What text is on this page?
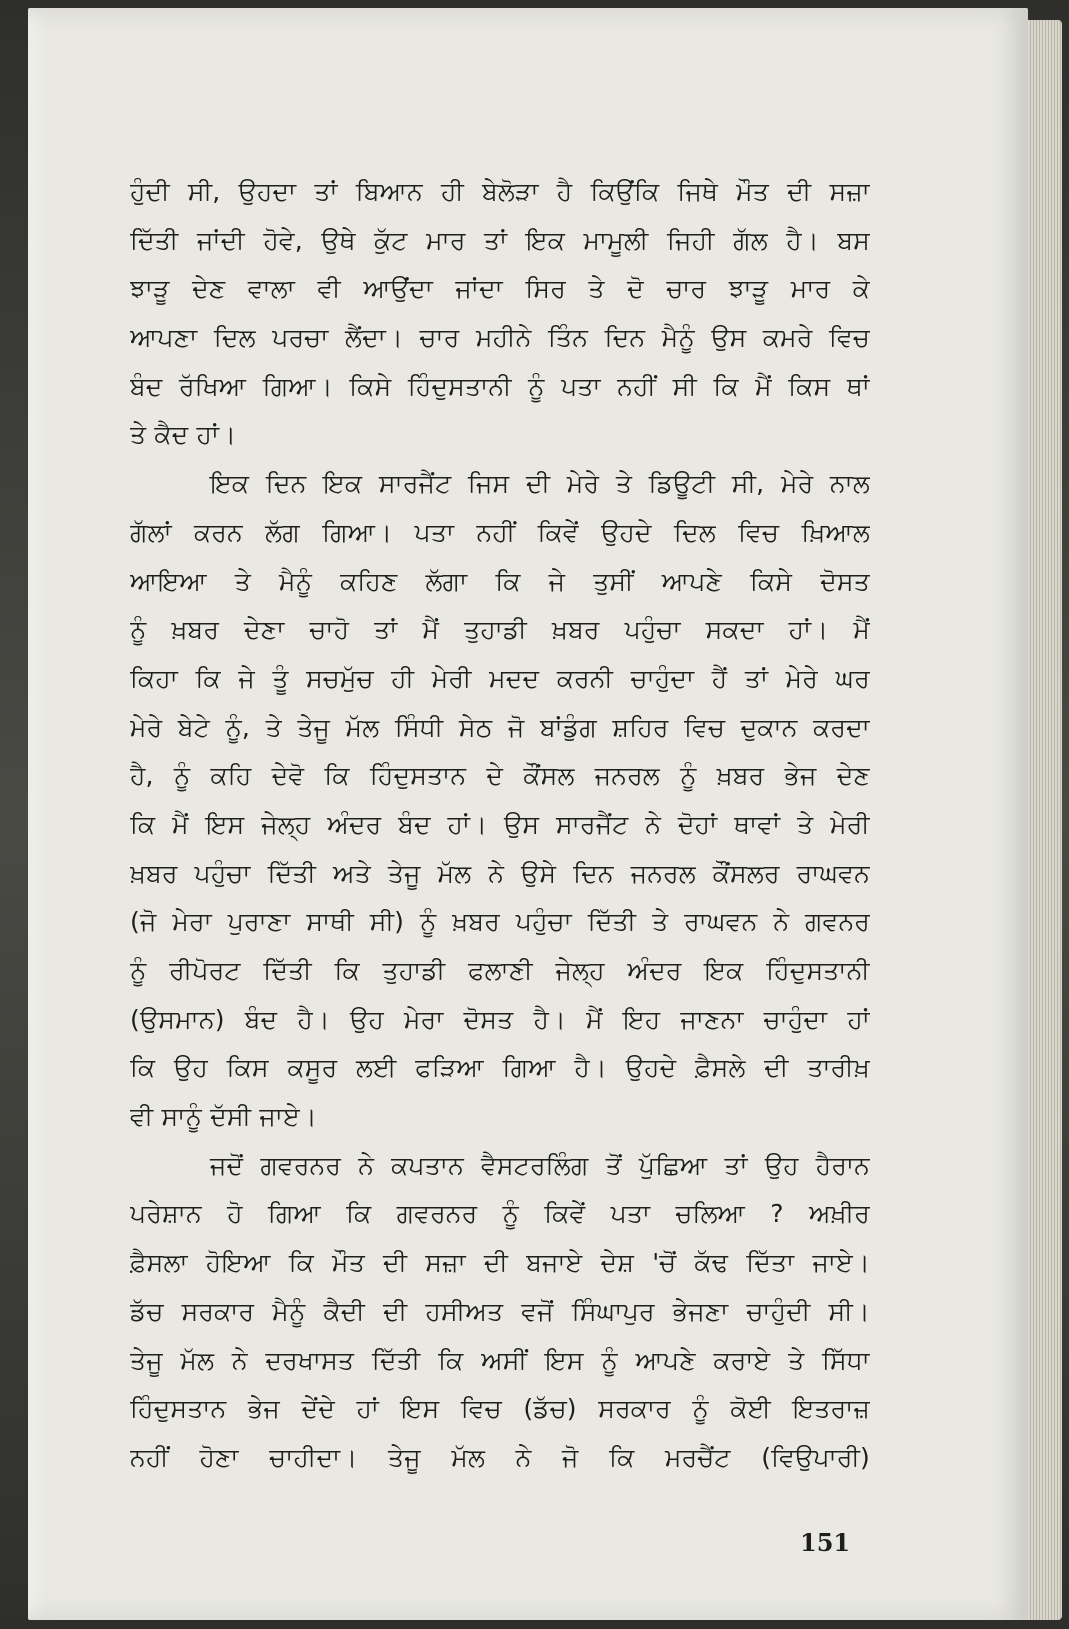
ਹੁੰਦੀ ਸੀ, ਉਹਦਾ ਤਾਂ ਬਿਆਨ ਹੀ ਬੇਲੋੜਾ ਹੈ ਕਿਉਂਕਿ ਜਿਥੇ ਮੌਤ ਦੀ ਸਜ਼ਾ
ਦਿੱਤੀ ਜਾਂਦੀ ਹੋਵੇ, ਉਥੇ ਕੁੱਟ ਮਾਰ ਤਾਂ ਇਕ ਮਾਮੂਲੀ ਜਿਹੀ ਗੱਲ ਹੈ। ਬਸ
ਝਾੜੂ ਦੇਣ ਵਾਲਾ ਵੀ ਆਉਂਦਾ ਜਾਂਦਾ ਸਿਰ ਤੇ ਦੋ ਚਾਰ ਝਾੜੂ ਮਾਰ ਕੇ
ਆਪਣਾ ਦਿਲ ਪਰਚਾ ਲੈਂਦਾ। ਚਾਰ ਮਹੀਨੇ ਤਿੰਨ ਦਿਨ ਮੈਨੂੰ ਉਸ ਕਮਰੇ ਵਿਚ
ਬੰਦ ਰੱਖਿਆ ਗਿਆ। ਕਿਸੇ ਹਿੰਦੁਸਤਾਨੀ ਨੂੰ ਪਤਾ ਨਹੀਂ ਸੀ ਕਿ ਮੈਂ ਕਿਸ ਥਾਂ
ਤੇ ਕੈਦ ਹਾਂ।
ਇਕ ਦਿਨ ਇਕ ਸਾਰਜੈਂਟ ਜਿਸ ਦੀ ਮੇਰੇ ਤੇ ਡਿਊਟੀ ਸੀ, ਮੇਰੇ ਨਾਲ
ਗੱਲਾਂ ਕਰਨ ਲੱਗ ਗਿਆ। ਪਤਾ ਨਹੀਂ ਕਿਵੇਂ ਉਹਦੇ ਦਿਲ ਵਿਚ ਖ਼ਿਆਲ
ਆਇਆ ਤੇ ਮੈਨੂੰ ਕਹਿਣ ਲੱਗਾ ਕਿ ਜੇ ਤੁਸੀਂ ਆਪਣੇ ਕਿਸੇ ਦੋਸਤ
ਨੂੰ ਖ਼ਬਰ ਦੇਣਾ ਚਾਹੋ ਤਾਂ ਮੈਂ ਤੁਹਾਡੀ ਖ਼ਬਰ ਪਹੁੰਚਾ ਸਕਦਾ ਹਾਂ। ਮੈਂ
ਕਿਹਾ ਕਿ ਜੇ ਤੂੰ ਸਚਮੁੱਚ ਹੀ ਮੇਰੀ ਮਦਦ ਕਰਨੀ ਚਾਹੁੰਦਾ ਹੈਂ ਤਾਂ ਮੇਰੇ ਘਰ
ਮੇਰੇ ਬੇਟੇ ਨੂੰ, ਤੇ ਤੇਜੂ ਮੱਲ ਸਿੰਧੀ ਸੇਠ ਜੋ ਬਾਂਡੁੰਗ ਸ਼ਹਿਰ ਵਿਚ ਦੁਕਾਨ ਕਰਦਾ
ਹੈ, ਨੂੰ ਕਹਿ ਦੇਵੋ ਕਿ ਹਿੰਦੁਸਤਾਨ ਦੇ ਕੌਂਸਲ ਜਨਰਲ ਨੂੰ ਖ਼ਬਰ ਭੇਜ ਦੇਣ
ਕਿ ਮੈਂ ਇਸ ਜੇਲ੍ਹ ਅੰਦਰ ਬੰਦ ਹਾਂ। ਉਸ ਸਾਰਜੈਂਟ ਨੇ ਦੋਹਾਂ ਥਾਵਾਂ ਤੇ ਮੇਰੀ
ਖ਼ਬਰ ਪਹੁੰਚਾ ਦਿੱਤੀ ਅਤੇ ਤੇਜੂ ਮੱਲ ਨੇ ਉਸੇ ਦਿਨ ਜਨਰਲ ਕੌਂਸਲਰ ਰਾਘਵਨ
(ਜੋ ਮੇਰਾ ਪੁਰਾਣਾ ਸਾਥੀ ਸੀ) ਨੂੰ ਖ਼ਬਰ ਪਹੁੰਚਾ ਦਿੱਤੀ ਤੇ ਰਾਘਵਨ ਨੇ ਗਵਨਰ
ਨੂੰ ਰੀਪੋਰਟ ਦਿੱਤੀ ਕਿ ਤੁਹਾਡੀ ਫਲਾਣੀ ਜੇਲ੍ਹ ਅੰਦਰ ਇਕ ਹਿੰਦੁਸਤਾਨੀ
(ਉਸਮਾਨ) ਬੰਦ ਹੈ। ਉਹ ਮੇਰਾ ਦੋਸਤ ਹੈ। ਮੈਂ ਇਹ ਜਾਣਨਾ ਚਾਹੁੰਦਾ ਹਾਂ
ਕਿ ਉਹ ਕਿਸ ਕਸੂਰ ਲਈ ਫੜਿਆ ਗਿਆ ਹੈ। ਉਹਦੇ ਫ਼ੈਸਲੇ ਦੀ ਤਾਰੀਖ਼
ਵੀ ਸਾਨੂੰ ਦੱਸੀ ਜਾਏ।
ਜਦੋਂ ਗਵਰਨਰ ਨੇ ਕਪਤਾਨ ਵੈਸਟਰਲਿੰਗ ਤੋਂ ਪੁੱਛਿਆ ਤਾਂ ਉਹ ਹੈਰਾਨ
ਪਰੇਸ਼ਾਨ ਹੋ ਗਿਆ ਕਿ ਗਵਰਨਰ ਨੂੰ ਕਿਵੇਂ ਪਤਾ ਚਲਿਆ ? ਅਖ਼ੀਰ
ਫ਼ੈਸਲਾ ਹੋਇਆ ਕਿ ਮੌਤ ਦੀ ਸਜ਼ਾ ਦੀ ਬਜਾਏ ਦੇਸ਼ 'ਚੋਂ ਕੱਢ ਦਿੱਤਾ ਜਾਏ।
ਡੱਚ ਸਰਕਾਰ ਮੈਨੂੰ ਕੈਦੀ ਦੀ ਹਸੀਅਤ ਵਜੋਂ ਸਿੰਘਾਪੁਰ ਭੇਜਣਾ ਚਾਹੁੰਦੀ ਸੀ।
ਤੇਜੂ ਮੱਲ ਨੇ ਦਰਖਾਸਤ ਦਿੱਤੀ ਕਿ ਅਸੀਂ ਇਸ ਨੂੰ ਆਪਣੇ ਕਰਾਏ ਤੇ ਸਿੱਧਾ
ਹਿੰਦੁਸਤਾਨ ਭੇਜ ਦੇਂਦੇ ਹਾਂ ਇਸ ਵਿਚ (ਡੱਚ) ਸਰਕਾਰ ਨੂੰ ਕੋਈ ਇਤਰਾਜ਼
ਨਹੀਂ ਹੋਣਾ ਚਾਹੀਦਾ। ਤੇਜੂ ਮੱਲ ਨੇ ਜੋ ਕਿ ਮਰਚੈਂਟ (ਵਿਉਪਾਰੀ)
151
